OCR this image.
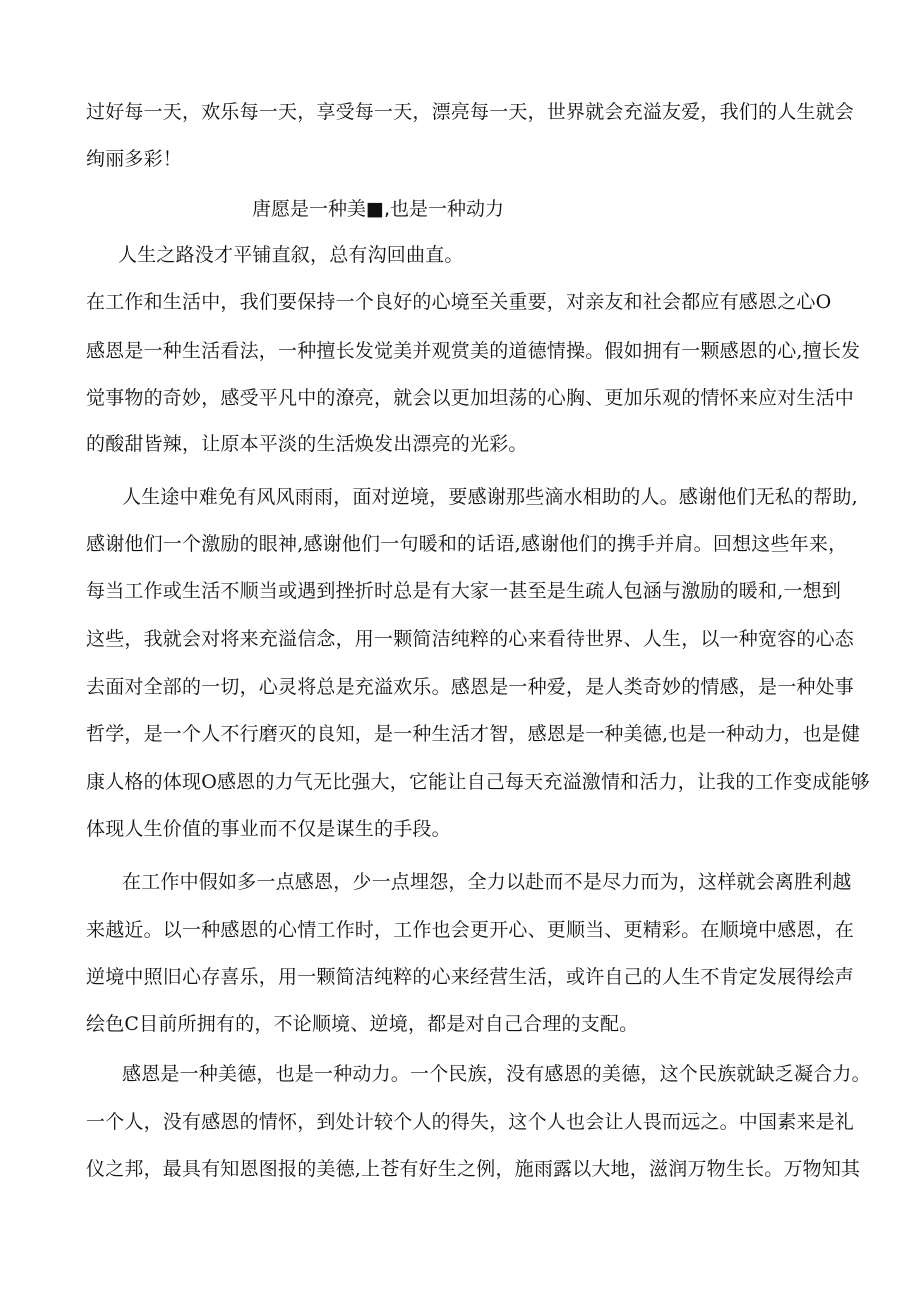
过好每一天，欢乐每一天，享受每一天，漂亮每一天，世界就会充溢友爱，我们的人生就会

绚丽多彩！

唐愿是一种美■,也是一种动力

人生之路没才平铺直叙，总有沟回曲直。

在工作和生活中，我们要保持一个良好的心境至关重要，对亲友和社会都应有感恩之心O

感恩是一种生活看法，一种擅长发觉美并观赏美的道德情操。假如拥有一颗感恩的心,擅长发

觉事物的奇妙，感受平凡中的潦亮，就会以更加坦荡的心胸、更加乐观的情怀来应对生活中

的酸甜皆辣，让原本平淡的生活焕发出漂亮的光彩。

人生途中难免有风风雨雨，面对逆境，要感谢那些滴水相助的人。感谢他们无私的帮助,

感谢他们一个激励的眼神,感谢他们一句暖和的话语,感谢他们的携手并肩。回想这些年来，

每当工作或生活不顺当或遇到挫折时总是有大家一甚至是生疏人包涵与激励的暖和,一想到

这些，我就会对将来充溢信念，用一颗简洁纯粹的心来看待世界、人生，以一种宽容的心态

去面对全部的一切，心灵将总是充溢欢乐。感恩是一种爱，是人类奇妙的情感，是一种处事

哲学，是一个人不行磨灭的良知，是一种生活才智，感恩是一种美德,也是一种动力，也是健

康人格的体现O感恩的力气无比强大，它能让自己每天充溢激情和活力，让我的工作变成能够

体现人生价值的事业而不仅是谋生的手段。

在工作中假如多一点感恩，少一点埋怨，全力以赴而不是尽力而为，这样就会离胜利越

来越近。以一种感恩的心情工作时，工作也会更开心、更顺当、更精彩。在顺境中感恩，在

逆境中照旧心存喜乐，用一颗简洁纯粹的心来经营生活，或许自己的人生不肯定发展得绘声

绘色C目前所拥有的，不论顺境、逆境，都是对自己合理的支配。

感恩是一种美德，也是一种动力。一个民族，没有感恩的美德，这个民族就缺乏凝合力。

一个人，没有感恩的情怀，到处计较个人的得失，这个人也会让人畏而远之。中国素来是礼

仪之邦，最具有知恩图报的美德,上苍有好生之例，施雨露以大地，滋润万物生长。万物知其
